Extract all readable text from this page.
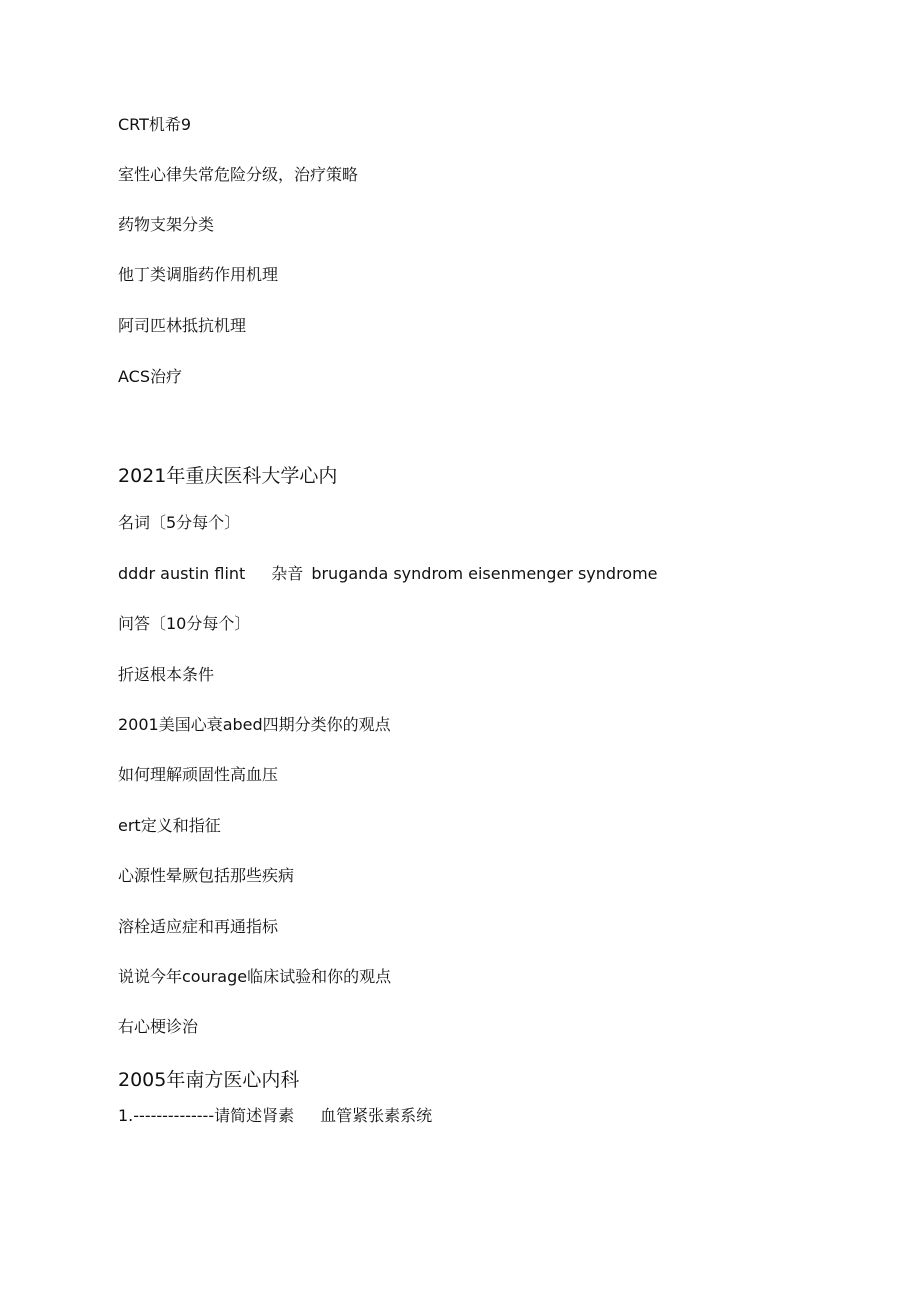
CRT机希9
室性心律失常危险分级，治疗策略
药物支架分类
他丁类调脂药作用机理
阿司匹林抵抗机理
ACS治疗
2021年重庆医科大学心内
名词〔5分每个〕
dddr austin flint 杂音 bruganda syndrom eisenmenger syndrome
问答〔10分每个〕
折返根本条件
2001美国心衰abed四期分类你的观点
如何理解顽固性高血压
ert定义和指征
心源性晕厥包括那些疾病
溶栓适应症和再通指标
说说今年courage临床试验和你的观点
右心梗诊治
2005年南方医心内科
1.--------------请简述肾素 血管紧张素系统
